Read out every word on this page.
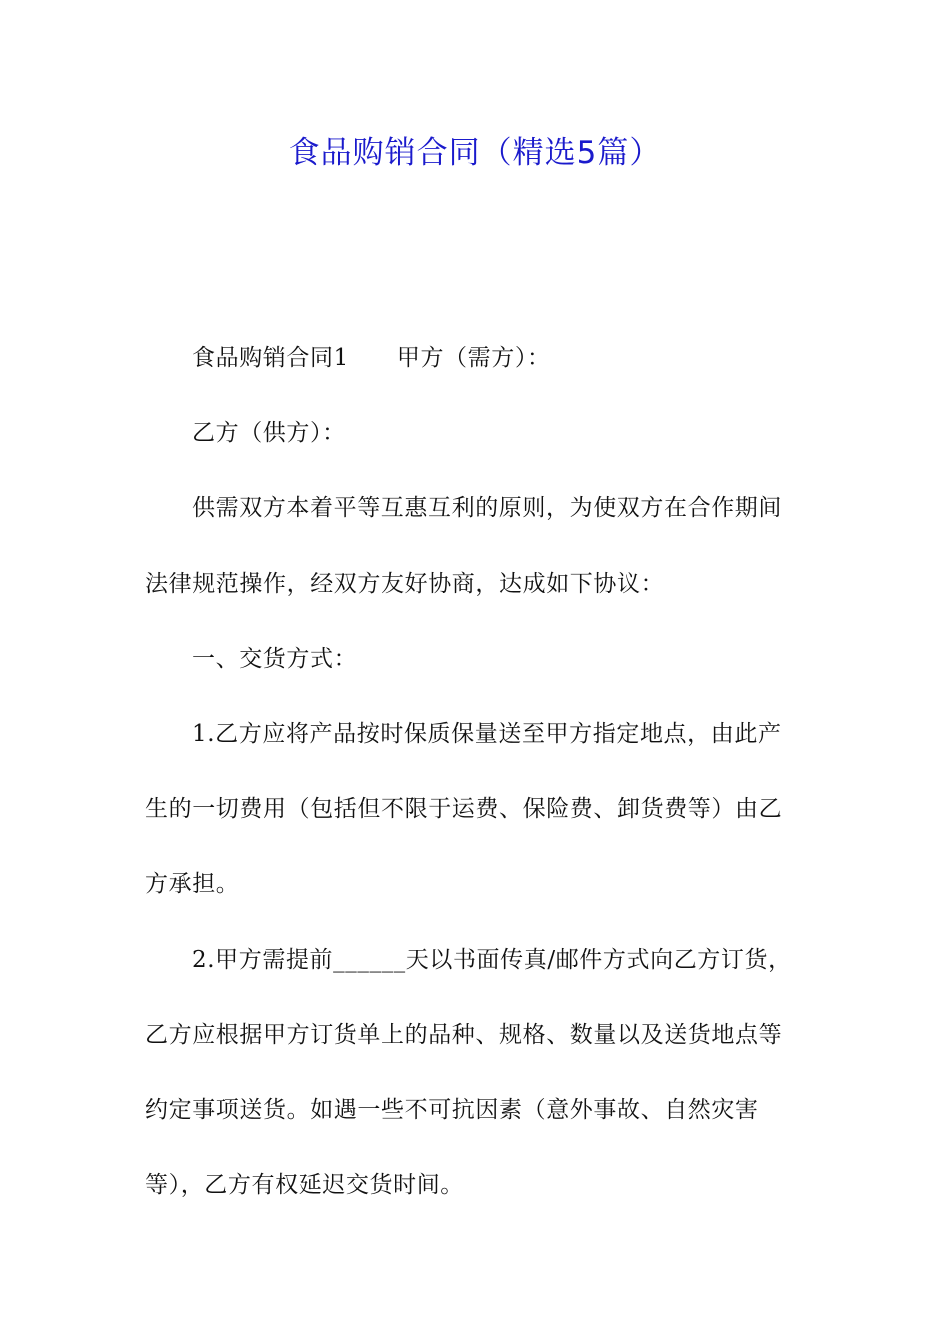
食品购销合同（精选5篇）
食品购销合同1 甲方（需方）：
乙方（供方）：
供需双方本着平等互惠互利的原则，为使双方在合作期间
法律规范操作，经双方友好协商，达成如下协议：
一、交货方式：
1.乙方应将产品按时保质保量送至甲方指定地点，由此产
生的一切费用（包括但不限于运费、保险费、卸货费等）由乙
方承担。
2.甲方需提前______天以书面传真/邮件方式向乙方订货，
乙方应根据甲方订货单上的品种、规格、数量以及送货地点等
约定事项送货。如遇一些不可抗因素（意外事故、自然灾害
等），乙方有权延迟交货时间。
